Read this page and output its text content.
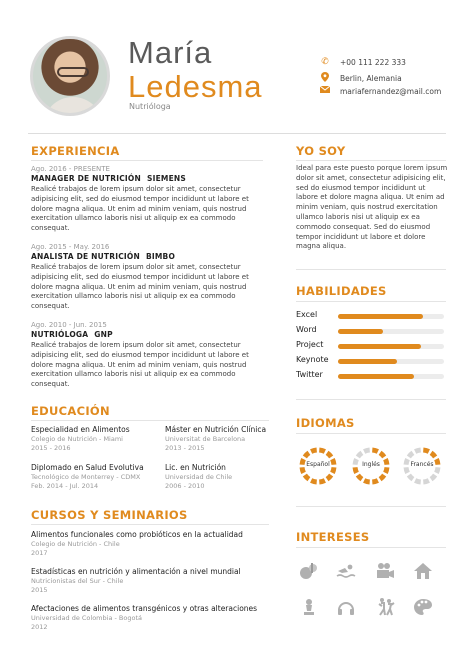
María
Ledesma
Nutrióloga
✆	+00 111 222 333
Berlin, Alemania
mariafernandez@mail.com
EXPERIENCIA
Ago. 2016 - PRESENTE
MANAGER DE NUTRICIÓN SIEMENS
Realicé trabajos de lorem ipsum dolor sit amet, consectetur adipisicing elit, sed do eiusmod tempor incididunt ut labore et dolore magna aliqua. Ut enim ad minim veniam, quis nostrud exercitation ullamco laboris nisi ut aliquip ex ea commodo consequat.
Ago. 2015 - May. 2016
ANALISTA DE NUTRICIÓN BIMBO
Realicé trabajos de lorem ipsum dolor sit amet, consectetur adipisicing elit, sed do eiusmod tempor incididunt ut labore et dolore magna aliqua. Ut enim ad minim veniam, quis nostrud exercitation ullamco laboris nisi ut aliquip ex ea commodo consequat.
Ago. 2010 - Jun. 2015
NUTRIÓLOGA GNP
Realicé trabajos de lorem ipsum dolor sit amet, consectetur adipisicing elit, sed do eiusmod tempor incididunt ut labore et dolore magna aliqua. Ut enim ad minim veniam, quis nostrud exercitation ullamco laboris nisi ut aliquip ex ea commodo consequat.
YO SOY
Ideal para este puesto porque lorem ipsum dolor sit amet, consectetur adipisicing elit, sed do eiusmod tempor incididunt ut labore et dolore magna aliqua. Ut enim ad minim veniam, quis nostrud exercitation ullamco laboris nisi ut aliquip ex ea commodo consequat. Sed do eiusmod tempor incididunt ut labore et dolore magna aliqua.
HABILIDADES
Excel
Word
Project
Keynote
Twitter
IDIOMAS
Español	Inglés	Francés
EDUCACIÓN
Especialidad en Alimentos
Colegio de Nutrición - Miami
2015 - 2016
Máster en Nutrición Clínica
Universitat de Barcelona
2013 - 2015
Diplomado en Salud Evolutiva
Tecnológico de Monterrey - CDMX
Feb. 2014 - Jul. 2014
Lic. en Nutrición
Universidad de Chile
2006 - 2010
CURSOS Y SEMINARIOS
Alimentos funcionales como probióticos en la actualidad
Colegio de Nutrición - Chile
2017
Estadísticas en nutrición y alimentación a nivel mundial
Nutricionistas del Sur - Chile
2015
Afectaciones de alimentos transgénicos y otras alteraciones
Universidad de Colombia - Bogotá
2012
INTERESES
